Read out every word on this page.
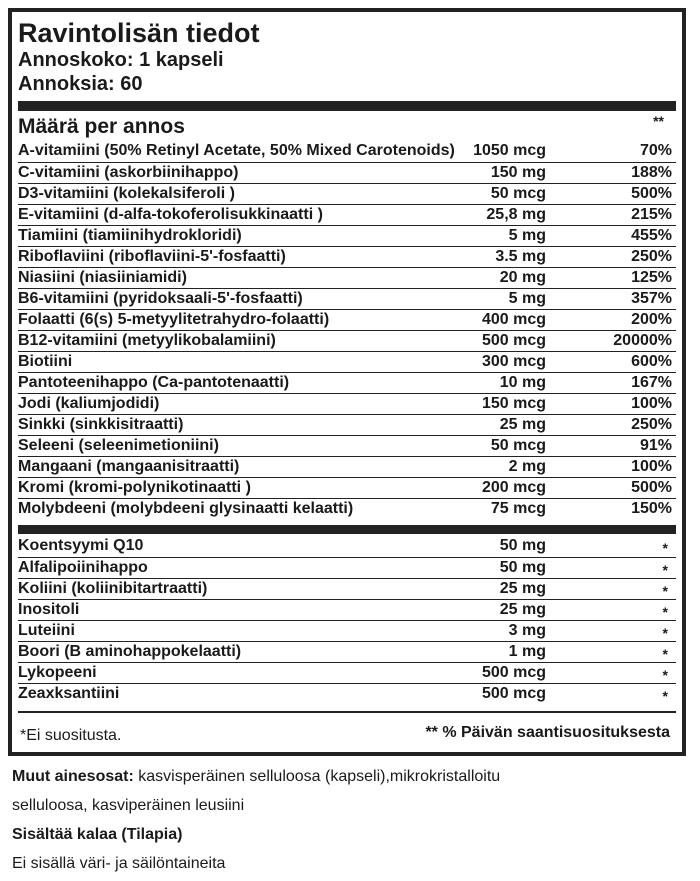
Ravintolisän tiedot
Annoskoko: 1 kapseli
Annoksia: 60
Määrä per annos	**
A-vitamiini (50% Retinyl Acetate, 50% Mixed Carotenoids) 1050 mcg	70%
C-vitamiini (askorbiinihappo)	150 mg	188%
D3-vitamiini (kolekalsiferoli )	50 mcg	500%
E-vitamiini (d-alfa-tokoferolisukkinaatti )	25,8 mg	215%
Tiamiini (tiamiinihydrokloridi)	5 mg	455%
Riboflaviini (riboflaviini-5'-fosfaatti)	3.5 mg	250%
Niasiini (niasiiniamidi)	20 mg	125%
B6-vitamiini (pyridoksaali-5'-fosfaatti)	5 mg	357%
Folaatti (6(s) 5-metyylitetrahydro-folaatti)	400 mcg	200%
B12-vitamiini (metyylikobalamiini)	500 mcg	20000%
Biotiini	300 mcg	600%
Pantoteenihappo (Ca-pantotenaatti)	10 mg	167%
Jodi (kaliumjodidi)	150 mcg	100%
Sinkki (sinkkisitraatti)	25 mg	250%
Seleeni (seleenimetioniini)	50 mcg	91%
Mangaani (mangaanisitraatti)	2 mg	100%
Kromi (kromi-polynikotinaatti )	200 mcg	500%
Molybdeeni (molybdeeni glysinaatti kelaatti)	75 mcg	150%
Koentsyymi Q10	50 mg	*
Alfalipoiinihappo	50 mg	*
Koliini (koliinibitartraatti)	25 mg	*
Inositoli	25 mg	*
Luteiini	3 mg	*
Boori (B aminohappokelaatti)	1 mg	*
Lykopeeni	500 mcg	*
Zeaxksantiini	500 mcg	*
*Ei suositusta.	** % Päivän saantisuosituksesta
Muut ainesosat: kasvisperäinen selluloosa (kapseli),mikrokristalloitu
selluloosa, kasviperäinen leusiini
Sisältää kalaa (Tilapia)
Ei sisällä väri- ja säilöntaineita
